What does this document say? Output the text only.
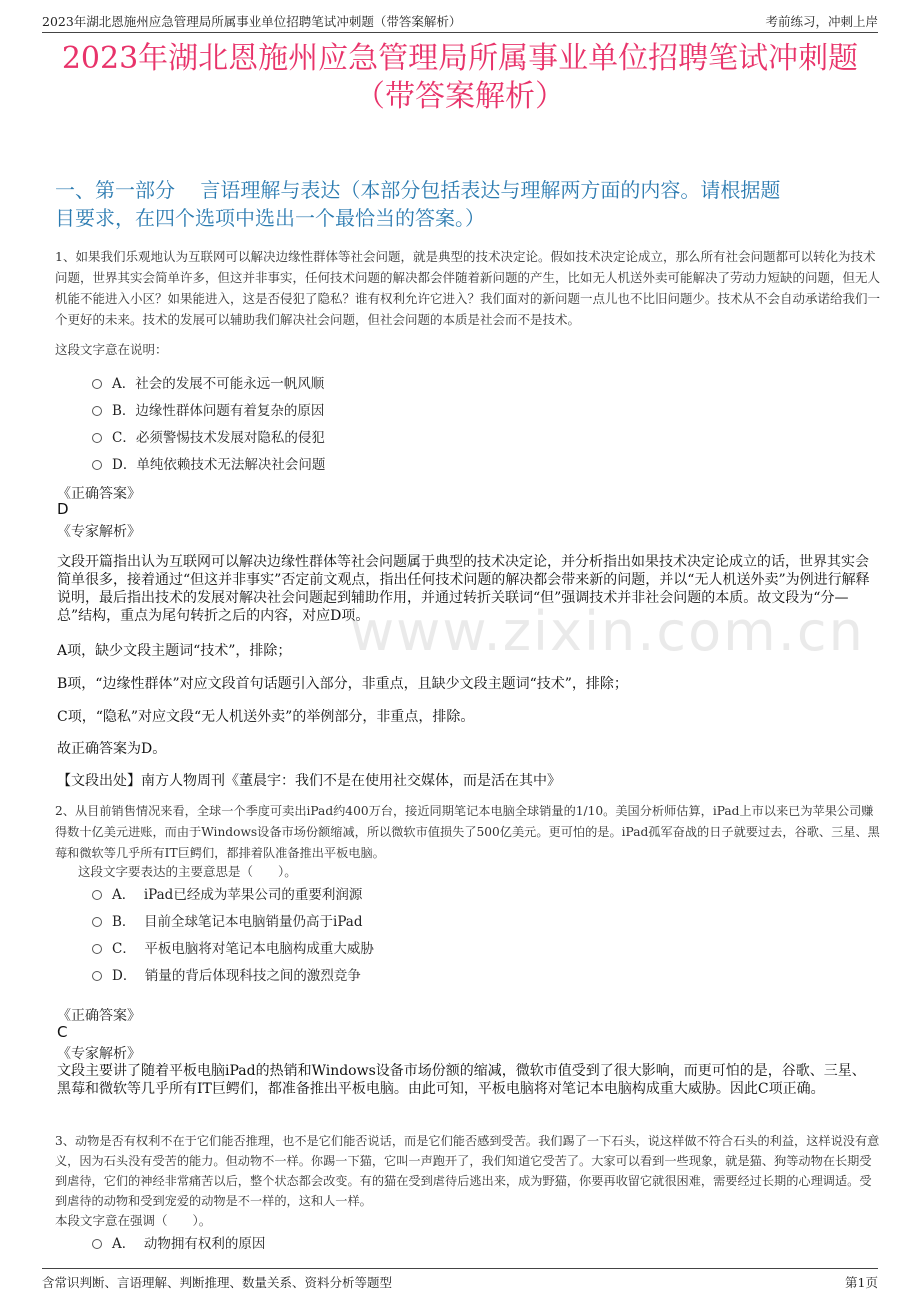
2023年湖北恩施州应急管理局所属事业单位招聘笔试冲刺题（带答案解析）	考前练习，冲刺上岸
2023年湖北恩施州应急管理局所属事业单位招聘笔试冲刺题
（带答案解析）
一、第一部分    言语理解与表达（本部分包括表达与理解两方面的内容。请根据题
目要求，在四个选项中选出一个最恰当的答案。）

1、如果我们乐观地认为互联网可以解决边缘性群体等社会问题，就是典型的技术决定论。假如技术决定论成立，那么所有社会问题都可以转化为技术问题，世界其实会简单许多，但这并非事实，任何技术问题的解决都会伴随着新问题的产生，比如无人机送外卖可能解决了劳动力短缺的问题，但无人机能不能进入小区？如果能进入，这是否侵犯了隐私？谁有权利允许它进入？我们面对的新问题一点儿也不比旧问题少。技术从不会自动承诺给我们一个更好的未来。技术的发展可以辅助我们解决社会问题，但社会问题的本质是社会而不是技术。

这段文字意在说明：
A．社会的发展不可能永远一帆风顺
B．边缘性群体问题有着复杂的原因
C．必须警惕技术发展对隐私的侵犯
D．单纯依赖技术无法解决社会问题
《正确答案》
D
《专家解析》

文段开篇指出认为互联网可以解决边缘性群体等社会问题属于典型的技术决定论，并分析指出如果技术决定论成立的话，世界其实会简单很多，接着通过“但这并非事实”否定前文观点，指出任何技术问题的解决都会带来新的问题，并以“无人机送外卖”为例进行解释说明，最后指出技术的发展对解决社会问题起到辅助作用，并通过转折关联词“但”强调技术并非社会问题的本质。故文段为“分—总”结构，重点为尾句转折之后的内容，对应D项。

A项，缺少文段主题词“技术”，排除；
B项，“边缘性群体”对应文段首句话题引入部分，非重点，且缺少文段主题词“技术”，排除；
C项，“隐私”对应文段“无人机送外卖”的举例部分，非重点，排除。
故正确答案为D。
【文段出处】南方人物周刊《董晨宇：我们不是在使用社交媒体，而是活在其中》

2、从目前销售情况来看，全球一个季度可卖出iPad约400万台，接近同期笔记本电脑全球销量的1/10。美国分析师估算，iPad上市以来已为苹果公司赚得数十亿美元进账，而由于Windows设备市场份额缩减，所以微软市值损失了500亿美元。更可怕的是。iPad孤军奋战的日子就要过去，谷歌、三星、黑莓和微软等几乎所有IT巨鳄们，都排着队准备推出平板电脑。

这段文字要表达的主要意思是（　　）。
A．  iPad已经成为苹果公司的重要利润源
B．  目前全球笔记本电脑销量仍高于iPad
C．  平板电脑将对笔记本电脑构成重大威胁
D．  销量的背后体现科技之间的激烈竞争
《正确答案》
C
《专家解析》

文段主要讲了随着平板电脑iPad的热销和Windows设备市场份额的缩减，微软市值受到了很大影响，而更可怕的是，谷歌、三星、黑莓和微软等几乎所有IT巨鳄们，都准备推出平板电脑。由此可知，平板电脑将对笔记本电脑构成重大威胁。因此C项正确。

3、动物是否有权利不在于它们能否推理，也不是它们能否说话，而是它们能否感到受苦。我们踢了一下石头，说这样做不符合石头的利益，这样说没有意义，因为石头没有受苦的能力。但动物不一样。你踢一下猫，它叫一声跑开了，我们知道它受苦了。大家可以看到一些现象，就是猫、狗等动物在长期受到虐待，它们的神经非常痛苦以后，整个状态都会改变。有的猫在受到虐待后逃出来，成为野猫，你要再收留它就很困难，需要经过长期的心理调适。受到虐待的动物和受到宠爱的动物是不一样的，这和人一样。

本段文字意在强调（　　）。
A．  动物拥有权利的原因
www.zixin.com.cn
含常识判断、言语理解、判断推理、数量关系、资料分析等题型	第1页
